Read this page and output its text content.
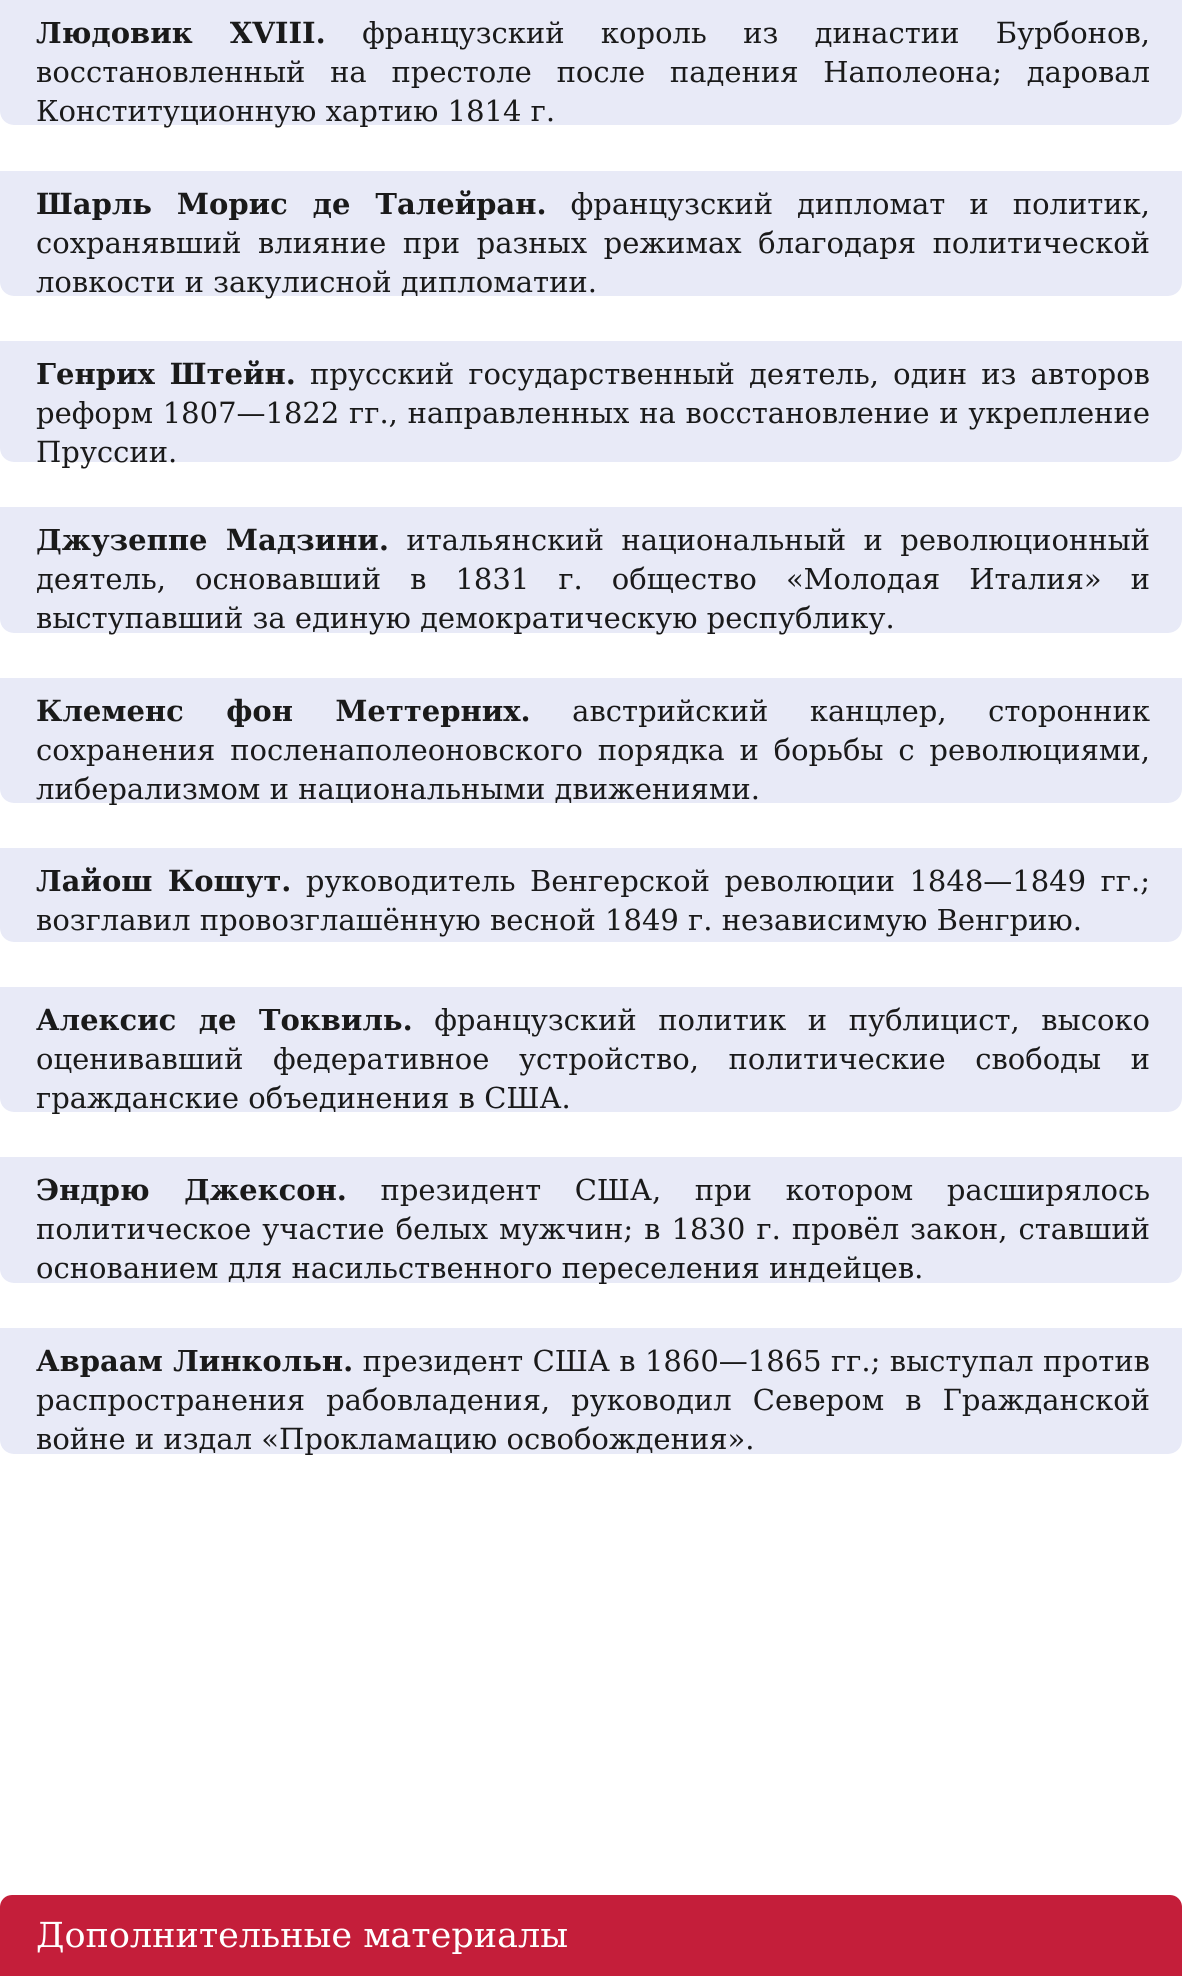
Людовик XVIII. французский король из династии Бурбонов, восстановленный на престоле после падения Наполеона; даровал Конституционную хартию 1814 г.
Шарль Морис де Талейран. французский дипломат и политик, сохранявший влияние при разных режимах благодаря политической ловкости и закулисной дипломатии.
Генрих Штейн. прусский государственный деятель, один из авторов реформ 1807—1822 гг., направленных на восстановление и укрепление Пруссии.
Джузеппе Мадзини. итальянский национальный и революционный деятель, основавший в 1831 г. общество «Молодая Италия» и выступавший за единую демократическую республику.
Клеменс фон Меттерних. австрийский канцлер, сторонник сохранения посленаполеоновского порядка и борьбы с революциями, либерализмом и национальными движениями.
Лайош Кошут. руководитель Венгерской революции 1848—1849 гг.; возглавил провозглашённую весной 1849 г. независимую Венгрию.
Алексис де Токвиль. французский политик и публицист, высоко оценивавший федеративное устройство, политические свободы и гражданские объединения в США.
Эндрю Джексон. президент США, при котором расширялось политическое участие белых мужчин; в 1830 г. провёл закон, ставший основанием для насильственного переселения индейцев.
Авраам Линкольн. президент США в 1860—1865 гг.; выступал против распространения рабовладения, руководил Севером в Гражданской войне и издал «Прокламацию освобождения».
Дополнительные материалы
